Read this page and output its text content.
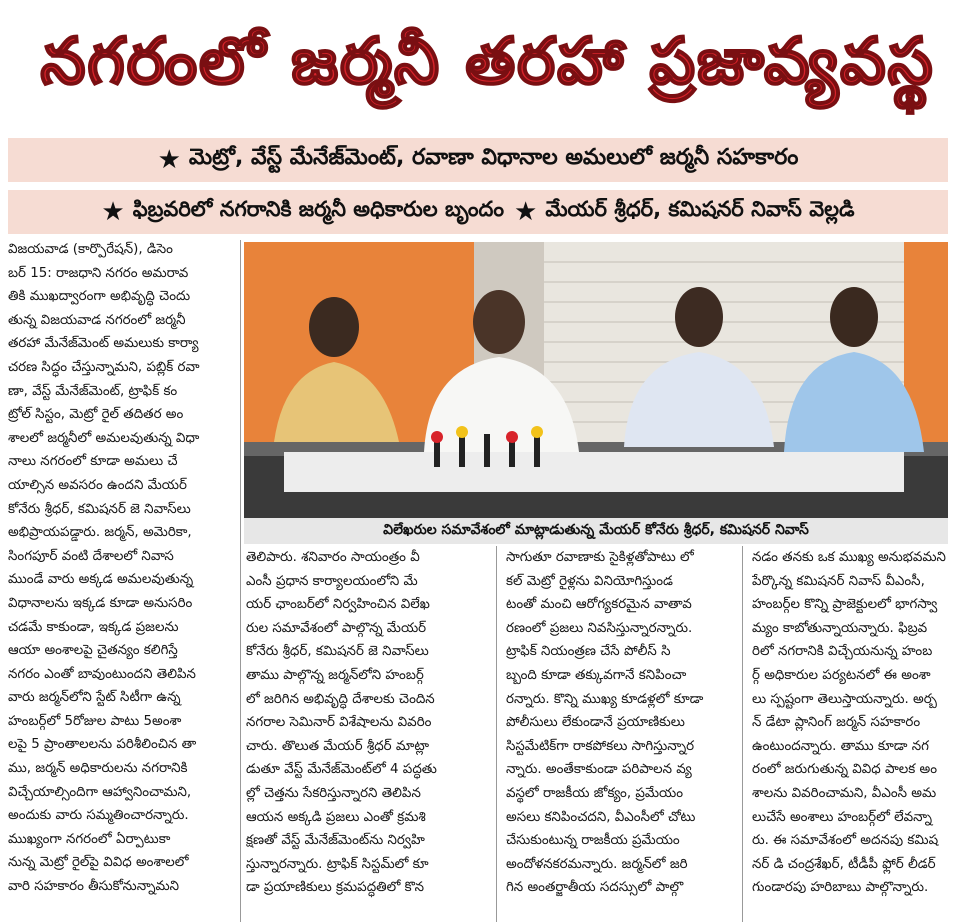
నగరంలో జర్మనీ తరహా ప్రజావ్యవస్థ
★ మెట్రో, వేస్ట్ మేనేజ్‌మెంట్, రవాణా విధానాల అమలులో జర్మనీ సహకారం
★ ఫిబ్రవరిలో నగరానికి జర్మనీ అధికారుల బృందం ★ మేయర్ శ్రీధర్, కమిషనర్ నివాస్ వెల్లడి
విజయవాడ (కార్పొరేషన్), డిసెం
బర్ 15: రాజధాని నగరం అమరావ
తికి ముఖద్వారంగా అభివృద్ధి చెందు
తున్న విజయవాడ నగరంలో జర్మనీ
తరహా మేనేజ్‌మెంట్ అమలుకు కార్యా
చరణ సిద్ధం చేస్తున్నామని, పబ్లిక్ రవా
ణా, వేస్ట్ మేనేజ్‌మెంట్, ట్రాఫిక్ కం
ట్రోల్ సిస్టం, మెట్రో రైల్ తదితర అం
శాలలో జర్మనీలో అమలవుతున్న విధా
నాలు నగరంలో కూడా అమలు చే
యాల్సిన అవసరం ఉందని మేయర్
కోనేరు శ్రీధర్, కమిషనర్ జె నివాస్‌లు
అభిప్రాయపడ్డారు. జర్మన్, అమెరికా,
సింగపూర్ వంటి దేశాలలో నివాస
ముండే వారు అక్కడ అమలవుతున్న
విధానాలను ఇక్కడ కూడా అనుసరిం
చడమే కాకుండా, ఇక్కడ ప్రజలను
ఆయా అంశాలపై చైతన్యం కలిగిస్తే
నగరం ఎంతో బావుంటుందని తెలిపిన
వారు జర్మన్‌లోని స్టేట్ సిటీగా ఉన్న
హంబర్గ్‌లో 5రోజుల పాటు 5అంశా
లపై 5 ప్రాంతాలలను పరిశీలించిన తా
ము, జర్మన్ అధికారులను నగరానికి
విచ్చేయాల్సిందిగా ఆహ్వానించామని,
అందుకు వారు సమ్మతించారన్నారు.
ముఖ్యంగా నగరంలో ఏర్పాటుకా
నున్న మెట్రో రైల్‌పై వివిధ అంశాలలో
వారి సహకారం తీసుకోనున్నామని
విలేఖరుల సమావేశంలో మాట్లాడుతున్న మేయర్ కోనేరు శ్రీధర్, కమిషనర్ నివాస్
తెలిపారు. శనివారం సాయంత్రం వీ
ఎంసీ ప్రధాన కార్యాలయంలోని మే
యర్ ఛాంబర్‌లో నిర్వహించిన విలేఖ
రుల సమావేశంలో పాల్గొన్న మేయర్
కోనేరు శ్రీధర్, కమిషనర్ జె నివాస్‌లు
తాము పాల్గొన్న జర్మన్‌లోని హంబర్గ్
లో జరిగిన అభివృద్ధి దేశాలకు చెందిన
నగరాల సెమినార్ విశేషాలను వివరిం
చారు. తొలుత మేయర్ శ్రీధర్ మాట్లా
డుతూ వేస్ట్ మేనేజ్‌మెంట్‌లో 4 పద్ధతు
ల్లో చెత్తను సేకరిస్తున్నారని తెలిపిన
ఆయన అక్కడి ప్రజలు ఎంతో క్రమశి
క్షణతో వేస్ట్ మేనేజ్‌మెంట్‌ను నిర్వహి
స్తున్నారన్నారు. ట్రాఫిక్ సిస్టమ్‌లో కూ
డా ప్రయాణికులు క్రమపద్ధతిలో కొన
సాగుతూ రవాణాకు సైకిళ్లతోపాటు లో
కల్ మెట్రో రైళ్లను వినియోగిస్తుండ
టంతో మంచి ఆరోగ్యకరమైన వాతావ
రణంలో ప్రజలు నివసిస్తున్నారన్నారు.
ట్రాఫిక్ నియంత్రణ చేసే పోలీస్ సి
బ్బంది కూడా తక్కువగానే కనిపించా
రన్నారు. కొన్ని ముఖ్య కూడళ్లలో కూడా
పోలీసులు లేకుండానే ప్రయాణికులు
సిస్టమేటిక్‌గా రాకపోకలు సాగిస్తున్నార
న్నారు. అంతేకాకుండా పరిపాలన వ్య
వస్థలో రాజకీయ జోక్యం, ప్రమేయం
అసలు కనిపించదని, వీఎంసీలో చోటు
చేసుకుంటున్న రాజకీయ ప్రమేయం
అందోళనకరమన్నారు. జర్మన్‌లో జరి
గిన అంతర్జాతీయ సదస్సులో పాల్గొ
నడం తనకు ఒక ముఖ్య అనుభవమని
పేర్కొన్న కమిషనర్ నివాస్ వీఎంసీ,
హంబర్గ్‌ల కొన్ని ప్రాజెక్టులలో భాగస్వా
మ్యం కాబోతున్నాయన్నారు. ఫిబ్రవ
రిలో నగరానికి విచ్చేయనున్న హంబ
ర్గ్ అధికారుల పర్యటనలో ఈ అంశా
లు స్పష్టంగా తెలుస్తాయన్నారు. అర్బ
న్ డేటా ప్లానింగ్ జర్మన్ సహకారం
ఉంటుందన్నారు. తాము కూడా నగ
రంలో జరుగుతున్న వివిధ పాలక అం
శాలను వివరించామని, వీఎంసీ అమ
లుచేసే అంశాలు హంబర్గ్‌లో లేవన్నా
రు. ఈ సమావేశంలో అదనపు కమిష
నర్ డి చంద్రశేఖర్, టీడీపీ ఫ్లోర్ లీడర్
గుండారపు హరిబాబు పాల్గొన్నారు.
